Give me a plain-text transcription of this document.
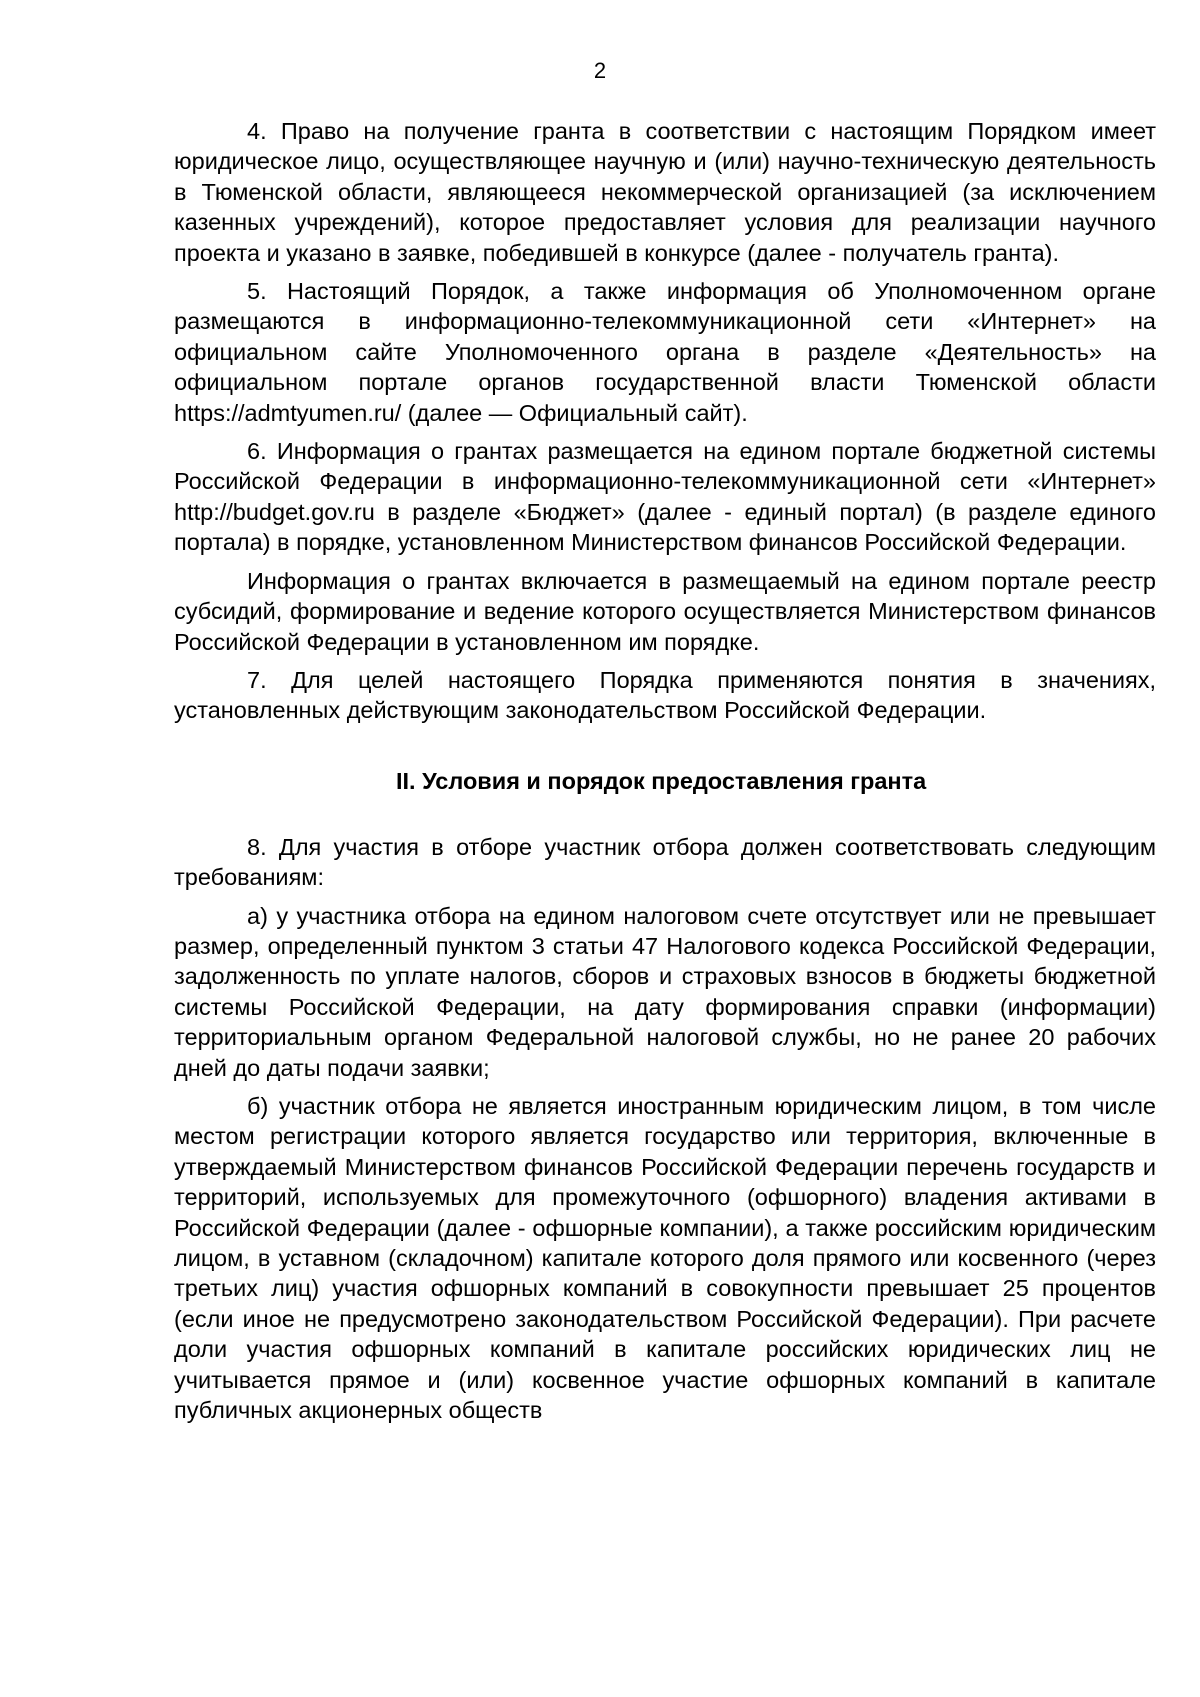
2

4. Право на получение гранта в соответствии с настоящим Порядком имеет юридическое лицо, осуществляющее научную и (или) научно-техническую деятельность в Тюменской области, являющееся некоммерческой организацией (за исключением казенных учреждений), которое предоставляет условия для реализации научного проекта и указано в заявке, победившей в конкурсе (далее - получатель гранта).

5. Настоящий Порядок, а также информация об Уполномоченном органе размещаются в информационно-телекоммуникационной сети «Интернет» на официальном сайте Уполномоченного органа в разделе «Деятельность» на официальном портале органов государственной власти Тюменской области https://admtyumen.ru/ (далее — Официальный сайт).

6. Информация о грантах размещается на едином портале бюджетной системы Российской Федерации в информационно-телекоммуникационной сети «Интернет» http://budget.gov.ru в разделе «Бюджет» (далее - единый портал) (в разделе единого портала) в порядке, установленном Министерством финансов Российской Федерации.

Информация о грантах включается в размещаемый на едином портале реестр субсидий, формирование и ведение которого осуществляется Министерством финансов Российской Федерации в установленном им порядке.

7. Для целей настоящего Порядка применяются понятия в значениях, установленных действующим законодательством Российской Федерации.

II. Условия и порядок предоставления гранта

8. Для участия в отборе участник отбора должен соответствовать следующим требованиям:

а) у участника отбора на едином налоговом счете отсутствует или не превышает размер, определенный пунктом 3 статьи 47 Налогового кодекса Российской Федерации, задолженность по уплате налогов, сборов и страховых взносов в бюджеты бюджетной системы Российской Федерации, на дату формирования справки (информации) территориальным органом Федеральной налоговой службы, но не ранее 20 рабочих дней до даты подачи заявки;

б) участник отбора не является иностранным юридическим лицом, в том числе местом регистрации которого является государство или территория, включенные в утверждаемый Министерством финансов Российской Федерации перечень государств и территорий, используемых для промежуточного (офшорного) владения активами в Российской Федерации (далее - офшорные компании), а также российским юридическим лицом, в уставном (складочном) капитале которого доля прямого или косвенного (через третьих лиц) участия офшорных компаний в совокупности превышает 25 процентов (если иное не предусмотрено законодательством Российской Федерации). При расчете доли участия офшорных компаний в капитале российских юридических лиц не учитывается прямое и (или) косвенное участие офшорных компаний в капитале публичных акционерных обществ
